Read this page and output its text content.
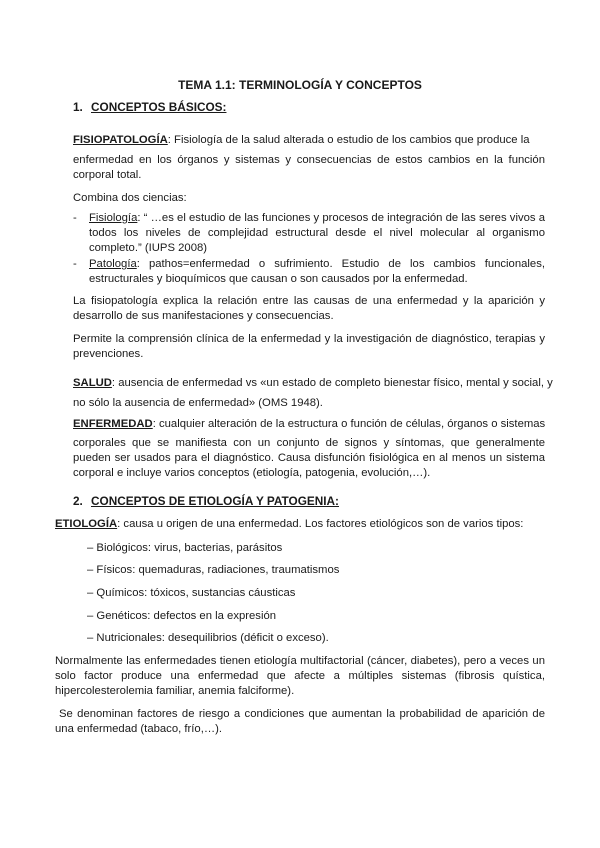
TEMA 1.1: TERMINOLOGÍA Y CONCEPTOS
1. CONCEPTOS BÁSICOS:
FISIOPATOLOGÍA: Fisiología de la salud alterada o estudio de los cambios que produce la
enfermedad en los órganos y sistemas y consecuencias de estos cambios en la función
corporal total.
Combina dos ciencias:
- Fisiología: “ …es el estudio de las funciones y procesos de integración de las seres vivos a todos los niveles de complejidad estructural desde el nivel molecular al organismo completo.” (IUPS 2008)
- Patología: pathos=enfermedad o sufrimiento. Estudio de los cambios funcionales, estructurales y bioquímicos que causan o son causados por la enfermedad.
La fisiopatología explica la relación entre las causas de una enfermedad y la aparición y desarrollo de sus manifestaciones y consecuencias.
Permite la comprensión clínica de la enfermedad y la investigación de diagnóstico, terapias y prevenciones.
SALUD: ausencia de enfermedad vs «un estado de completo bienestar físico, mental y social, y
no sólo la ausencia de enfermedad» (OMS 1948).
ENFERMEDAD: cualquier alteración de la estructura o función de células, órganos o sistemas
corporales que se manifiesta con un conjunto de signos y síntomas, que generalmente pueden ser usados para el diagnóstico. Causa disfunción fisiológica en al menos un sistema corporal e incluye varios conceptos (etiología, patogenia, evolución,…).
2. CONCEPTOS DE ETIOLOGÍA Y PATOGENIA:
ETIOLOGÍA: causa u origen de una enfermedad. Los factores etiológicos son de varios tipos:
– Biológicos: virus, bacterias, parásitos
– Físicos: quemaduras, radiaciones, traumatismos
– Químicos: tóxicos, sustancias cáusticas
– Genéticos: defectos en la expresión
– Nutricionales: desequilibrios (déficit o exceso).
Normalmente las enfermedades tienen etiología multifactorial (cáncer, diabetes), pero a veces un solo factor produce una enfermedad que afecte a múltiples sistemas (fibrosis quística, hipercolesterolemia familiar, anemia falciforme).
Se denominan factores de riesgo a condiciones que aumentan la probabilidad de aparición de una enfermedad (tabaco, frío,…).
